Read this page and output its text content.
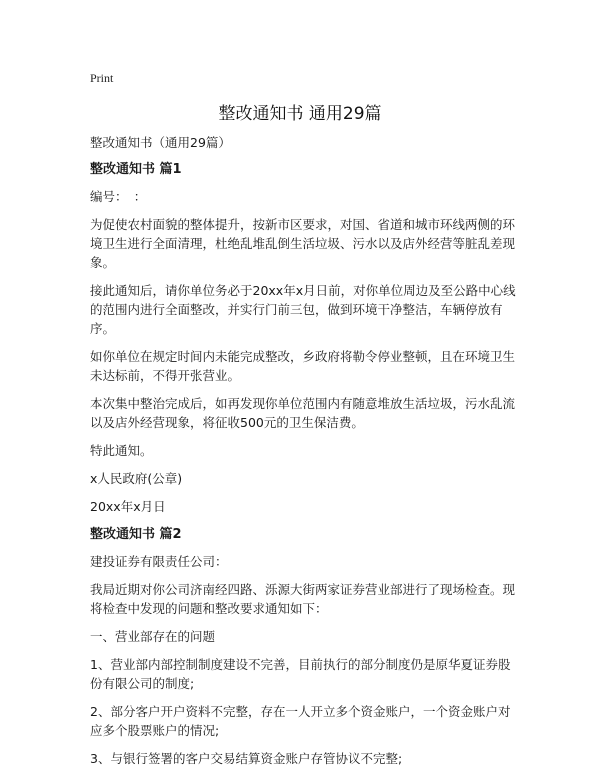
Print
整改通知书 通用29篇

整改通知书（通用29篇）

整改通知书 篇1

编号：　：

为促使农村面貌的整体提升，按新市区要求，对国、省道和城市环线两侧的环境卫生进行全面清理，杜绝乱堆乱倒生活垃圾、污水以及店外经营等脏乱差现象。

接此通知后，请你单位务必于20xx年x月日前，对你单位周边及至公路中心线的范围内进行全面整改，并实行门前三包，做到环境干净整洁，车辆停放有序。

如你单位在规定时间内未能完成整改，乡政府将勒令停业整顿，且在环境卫生未达标前，不得开张营业。

本次集中整治完成后，如再发现你单位范围内有随意堆放生活垃圾，污水乱流以及店外经营现象，将征收500元的卫生保洁费。

特此通知。

x人民政府(公章)

20xx年x月日

整改通知书 篇2

建投证券有限责任公司：

我局近期对你公司济南经四路、泺源大街两家证券营业部进行了现场检查。现将检查中发现的问题和整改要求通知如下：

一、营业部存在的问题

1、营业部内部控制制度建设不完善，目前执行的部分制度仍是原华夏证券股份有限公司的制度;

2、部分客户开户资料不完整，存在一人开立多个资金账户，一个资金账户对应多个股票账户的情况;

3、与银行签署的客户交易结算资金账户存管协议不完整;
